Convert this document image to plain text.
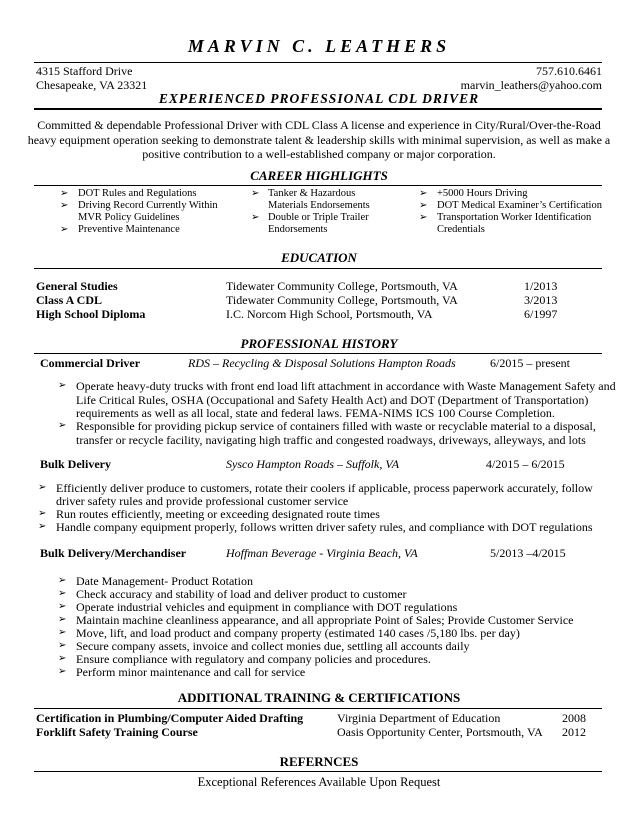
MARVIN C. LEATHERS
4315 Stafford Drive	757.610.6461
Chesapeake, VA 23321	marvin_leathers@yahoo.com
EXPERIENCED PROFESSIONAL CDL DRIVER
Committed & dependable Professional Driver with CDL Class A license and experience in City/Rural/Over-the-Road
heavy equipment operation seeking to demonstrate talent & leadership skills with minimal supervision, as well as make a
positive contribution to a well-established company or major corporation.
CAREER HIGHLIGHTS
➢ DOT Rules and Regulations
➢ Driving Record Currently Within
MVR Policy Guidelines
➢ Preventive Maintenance
➢ Tanker & Hazardous
Materials Endorsements
➢ Double or Triple Trailer
Endorsements
➢ +5000 Hours Driving
➢ DOT Medical Examiner’s Certification
➢ Transportation Worker Identification
Credentials
EDUCATION
General Studies	Tidewater Community College, Portsmouth, VA	1/2013
Class A CDL	Tidewater Community College, Portsmouth, VA	3/2013
High School Diploma	I.C. Norcom High School, Portsmouth, VA	6/1997
PROFESSIONAL HISTORY
Commercial Driver	RDS – Recycling & Disposal Solutions Hampton Roads	6/2015 – present
➢ Operate heavy-duty trucks with front end load lift attachment in accordance with Waste Management Safety and
Life Critical Rules, OSHA (Occupational and Safety Health Act) and DOT (Department of Transportation)
requirements as well as all local, state and federal laws. FEMA-NIMS ICS 100 Course Completion.
➢ Responsible for providing pickup service of containers filled with waste or recyclable material to a disposal,
transfer or recycle facility, navigating high traffic and congested roadways, driveways, alleyways, and lots
Bulk Delivery	Sysco Hampton Roads – Suffolk, VA	4/2015 – 6/2015
➢ Efficiently deliver produce to customers, rotate their coolers if applicable, process paperwork accurately, follow
driver safety rules and provide professional customer service
➢ Run routes efficiently, meeting or exceeding designated route times
➢ Handle company equipment properly, follows written driver safety rules, and compliance with DOT regulations
Bulk Delivery/Merchandiser	Hoffman Beverage - Virginia Beach, VA	5/2013 –4/2015
➢ Date Management- Product Rotation
➢ Check accuracy and stability of load and deliver product to customer
➢ Operate industrial vehicles and equipment in compliance with DOT regulations
➢ Maintain machine cleanliness appearance, and all appropriate Point of Sales; Provide Customer Service
➢ Move, lift, and load product and company property (estimated 140 cases /5,180 lbs. per day)
➢ Secure company assets, invoice and collect monies due, settling all accounts daily
➢ Ensure compliance with regulatory and company policies and procedures.
➢ Perform minor maintenance and call for service
ADDITIONAL TRAINING & CERTIFICATIONS
Certification in Plumbing/Computer Aided Drafting	Virginia Department of Education	2008
Forklift Safety Training Course	Oasis Opportunity Center, Portsmouth, VA 2012
REFERNCES
Exceptional References Available Upon Request
